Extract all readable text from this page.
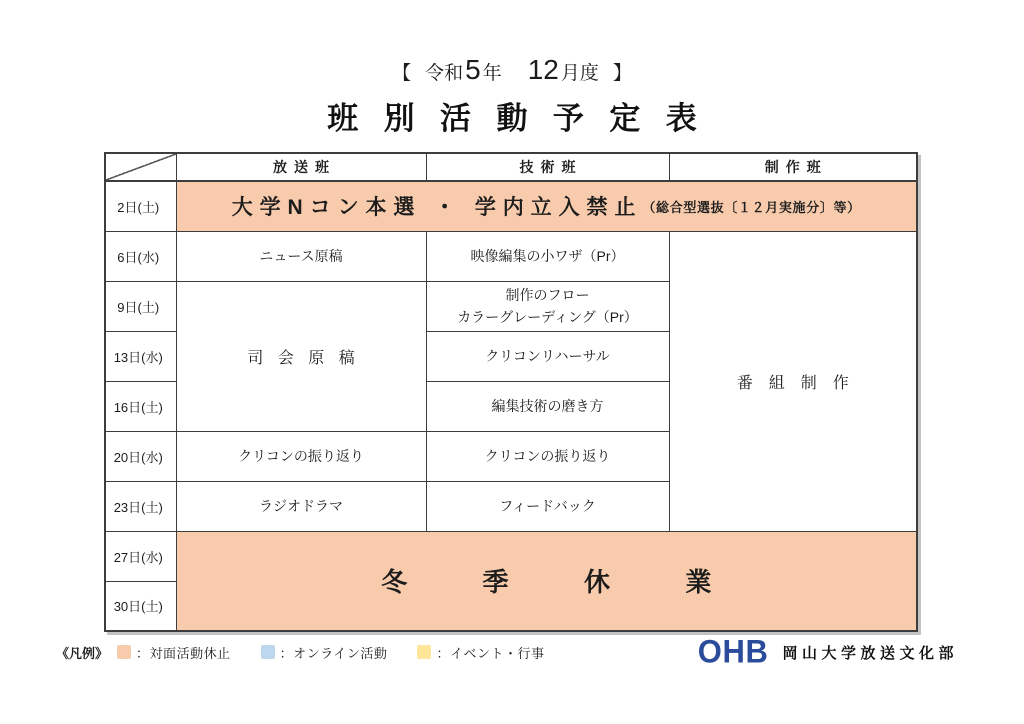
【 令和5 年 12 月度 】
班別活動予定表
	放送班	技術班	制作班
2日(土)	大学Nコン本選 ・ 学内立入禁止（総合型選抜〔１２月実施分〕等）		
6日(水)	ニュース原稿	映像編集の小ワザ（Pr）	番組制作
9日(土)	司会原稿	制作のフロー
カラーグレーディング（Pr）	

13日(水)		クリコンリハーサル	
16日(土)		編集技術の磨き方	
20日(水)	クリコンの振り返り	クリコンの振り返り	
23日(土)	ラジオドラマ	フィードバック	
27日(水)	冬季休業		
30日(土)			
《凡例》 ：対面活動休止	：オンライン活動	：イベント・行事	OHB 岡山大学放送文化部
